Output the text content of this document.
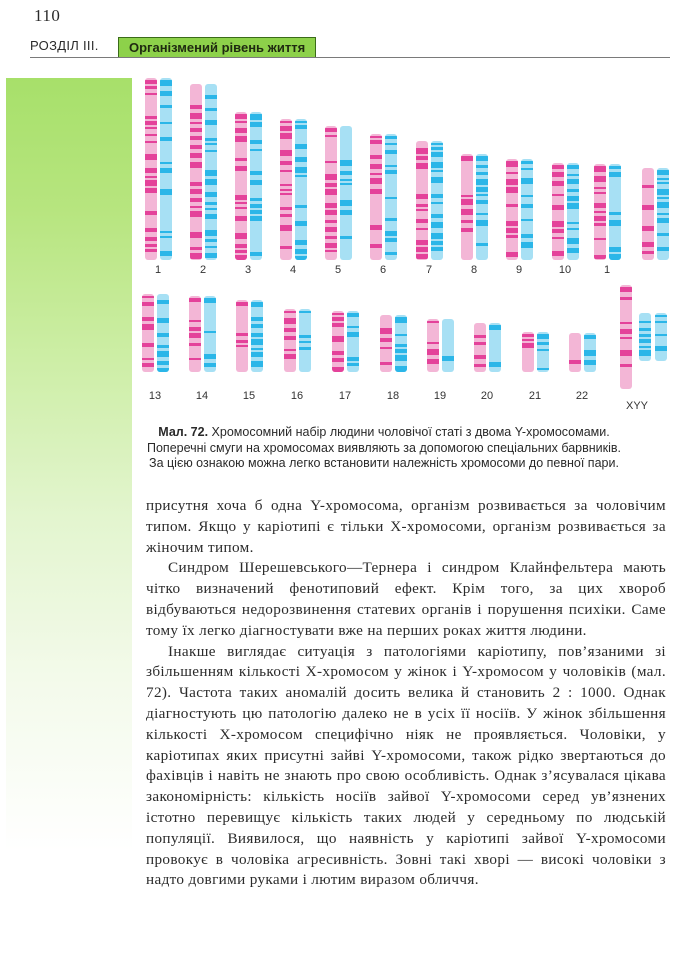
110
РОЗДІЛ III.	Організмений рівень життя
1	2	3	4	5	6	7	8	9	10	1
13	14	15	16	17	18	19	20	21	22
XYY
Мал. 72. Хромосомний набір людини чоловічої статі з двома Y-хромосомами. Поперечні смуги на хромосомах виявляють за допомогою спеціальних барвників. За цією ознакою можна легко встановити належність хромосоми до певної пари.

присутня хоча б одна Y-хромосома, організм розвивається за чоловічим типом. Якщо у каріотипі є тільки Х-хромосоми, організм розвивається за жіночим типом.

Синдром Шерешевського—Тернера і синдром Клайнфельтера мають чітко визначений фенотиповий ефект. Крім того, за цих хвороб відбуваються недорозвинення статевих органів і порушення психіки. Саме тому їх легко діагностувати вже на перших роках життя людини.

Інакше виглядає ситуація з патологіями каріотипу, пов’язаними зі збільшенням кількості Х-хромосом у жінок і Y-хромосом у чоловіків (мал. 72). Частота таких аномалій досить велика й становить 2 : 1000. Однак діагностують цю патологію далеко не в усіх її носіїв. У жінок збільшення кількості Х-хромосом специфічно ніяк не проявляється. Чоловіки, у каріотипах яких присутні зайві Y-хромосоми, також рідко звертаються до фахівців і навіть не знають про свою особливість. Однак з’ясувалася цікава закономірність: кількість носіїв зайвої Y-хромосоми серед ув’язнених істотно перевищує кількість таких людей у середньому по людській популяції. Виявилося, що наявність у каріотипі зайвої Y-хромосоми провокує в чоловіка агресивність. Зовні такі хворі — високі чоловіки з надто довгими руками і лютим виразом обличчя.
